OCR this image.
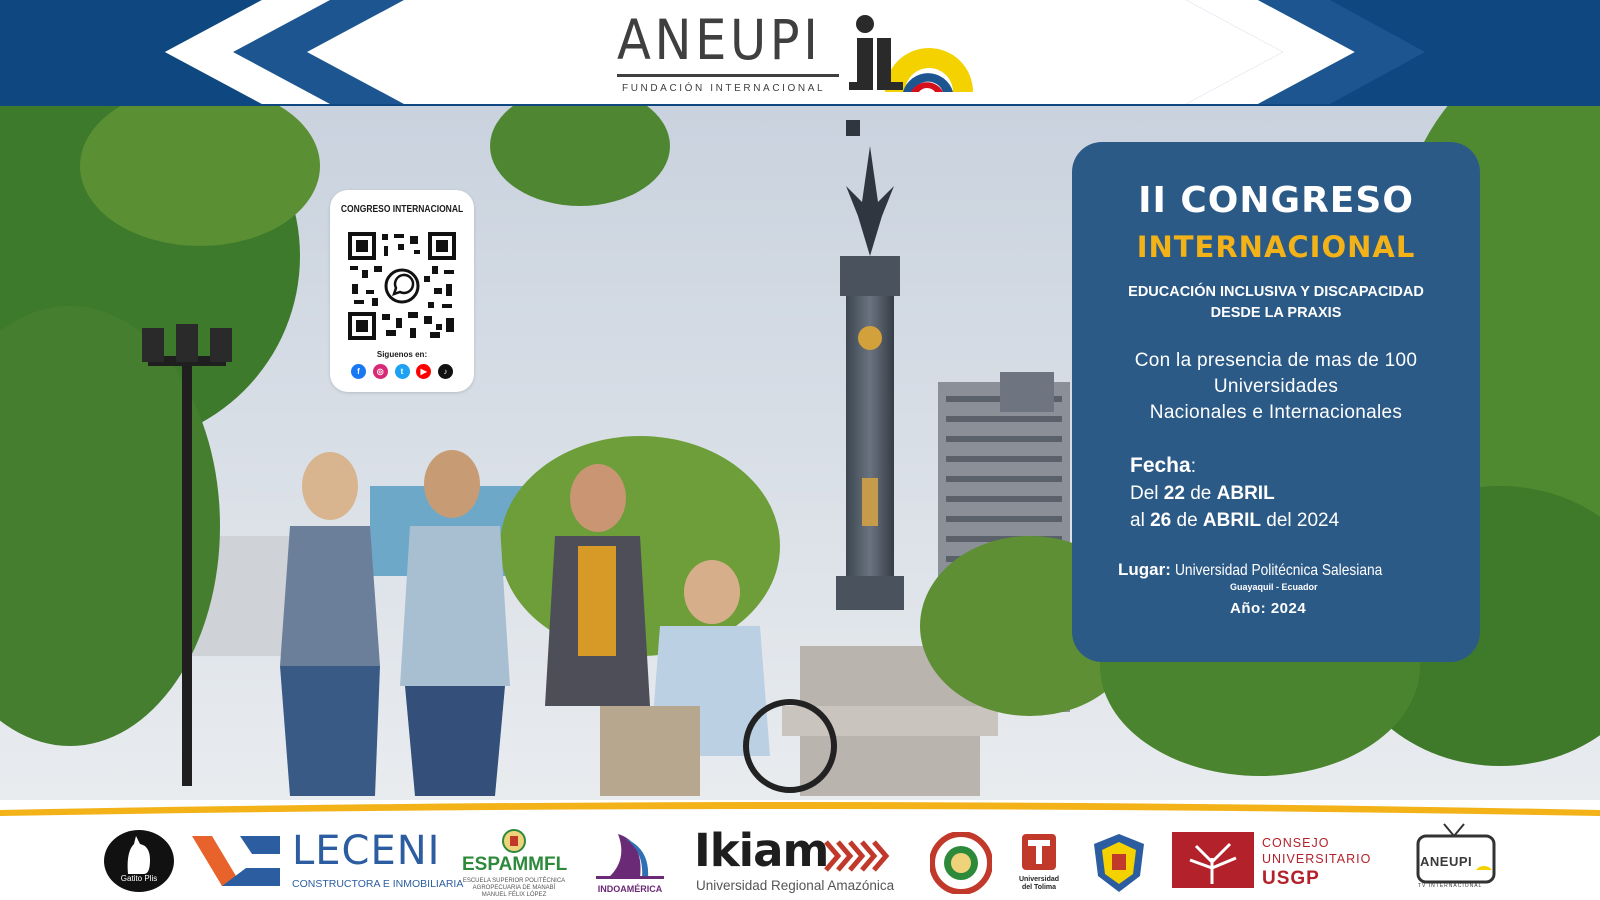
ANEUPI
FUNDACIÓN INTERNACIONAL
CONGRESO INTERNACIONAL
Siguenos en:
f	◎	t	▶	♪
II CONGRESO
INTERNACIONAL
EDUCACIÓN INCLUSIVA Y DISCAPACIDAD
DESDE LA PRAXIS
Con la presencia de mas de 100
Universidades
Nacionales e Internacionales
Fecha:
Del 22 de ABRIL
al 26 de ABRIL del 2024
Lugar: Universidad Politécnica Salesiana
Guayaquil - Ecuador
Año: 2024
Gatito Plis
LECENI
CONSTRUCTORA E INMOBILIARIA
ESPAMMFL
ESCUELA SUPERIOR POLITÉCNICA AGROPECUARIA DE MANABÍ MANUEL FÉLIX LÓPEZ
INDOAMÉRICA
Ikiam
Universidad Regional Amazónica	Universidad
del Tolima
CONSEJO
UNIVERSITARIO
USGP
ANEUPI
TV INTERNACIONAL
